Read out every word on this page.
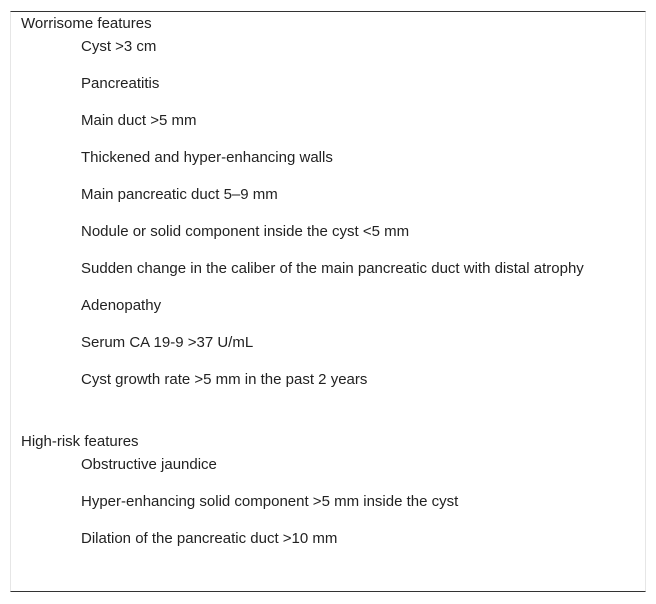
Worrisome features
Cyst >3 cm
Pancreatitis
Main duct >5 mm
Thickened and hyper-enhancing walls
Main pancreatic duct 5–9 mm
Nodule or solid component inside the cyst <5 mm
Sudden change in the caliber of the main pancreatic duct with distal atrophy
Adenopathy
Serum CA 19-9 >37 U/mL
Cyst growth rate >5 mm in the past 2 years
High-risk features
Obstructive jaundice
Hyper-enhancing solid component >5 mm inside the cyst
Dilation of the pancreatic duct >10 mm
